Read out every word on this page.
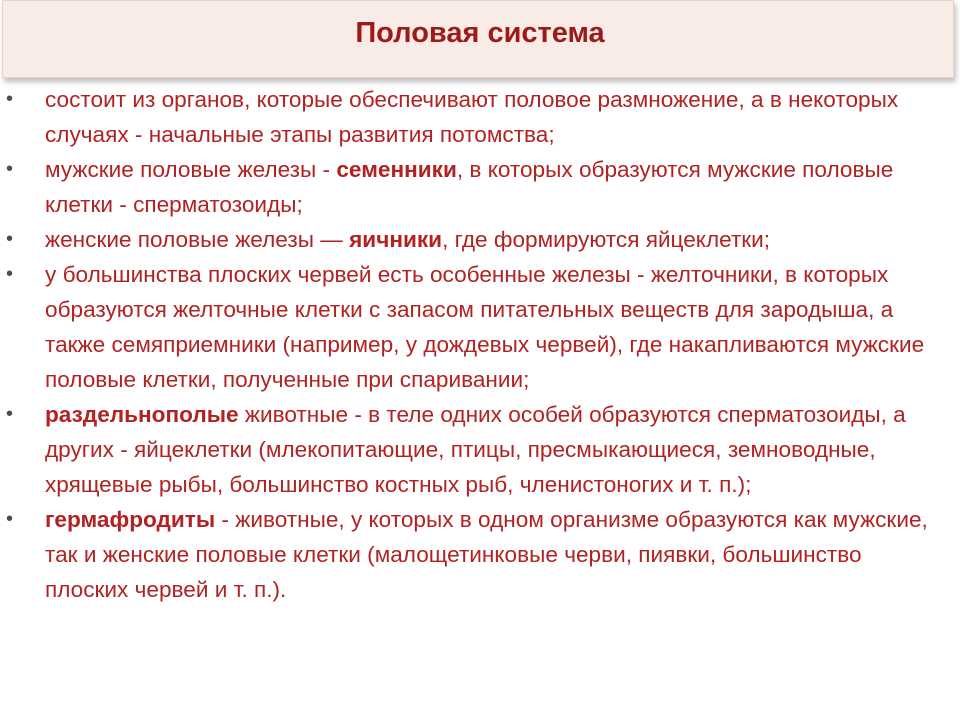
Половая система
• состоит из органов, которые обеспечивают половое размножение, а в некоторых случаях - начальные этапы развития потомства;
• мужские половые железы - семенники, в которых образуются мужские половые клетки - сперматозоиды;
• женские половые железы — яичники, где формируются яйцеклетки;
• у большинства плоских червей есть особенные железы - желточники, в которых образуются желточные клетки с запасом питательных веществ для зародыша, а также семяприемники (например, у дождевых червей), где накапливаются мужские половые клетки, полученные при спаривании;
• раздельнополые животные - в теле одних особей образуются сперматозоиды, а других - яйцеклетки (млекопитающие, птицы, пресмыкающиеся, земноводные, хрящевые рыбы, большинство костных рыб, членистоногих и т. п.);
• гермафродиты - животные, у которых в одном организме образуются как мужские, так и женские половые клетки (малощетинковые черви, пиявки, большинство плоских червей и т. п.).
